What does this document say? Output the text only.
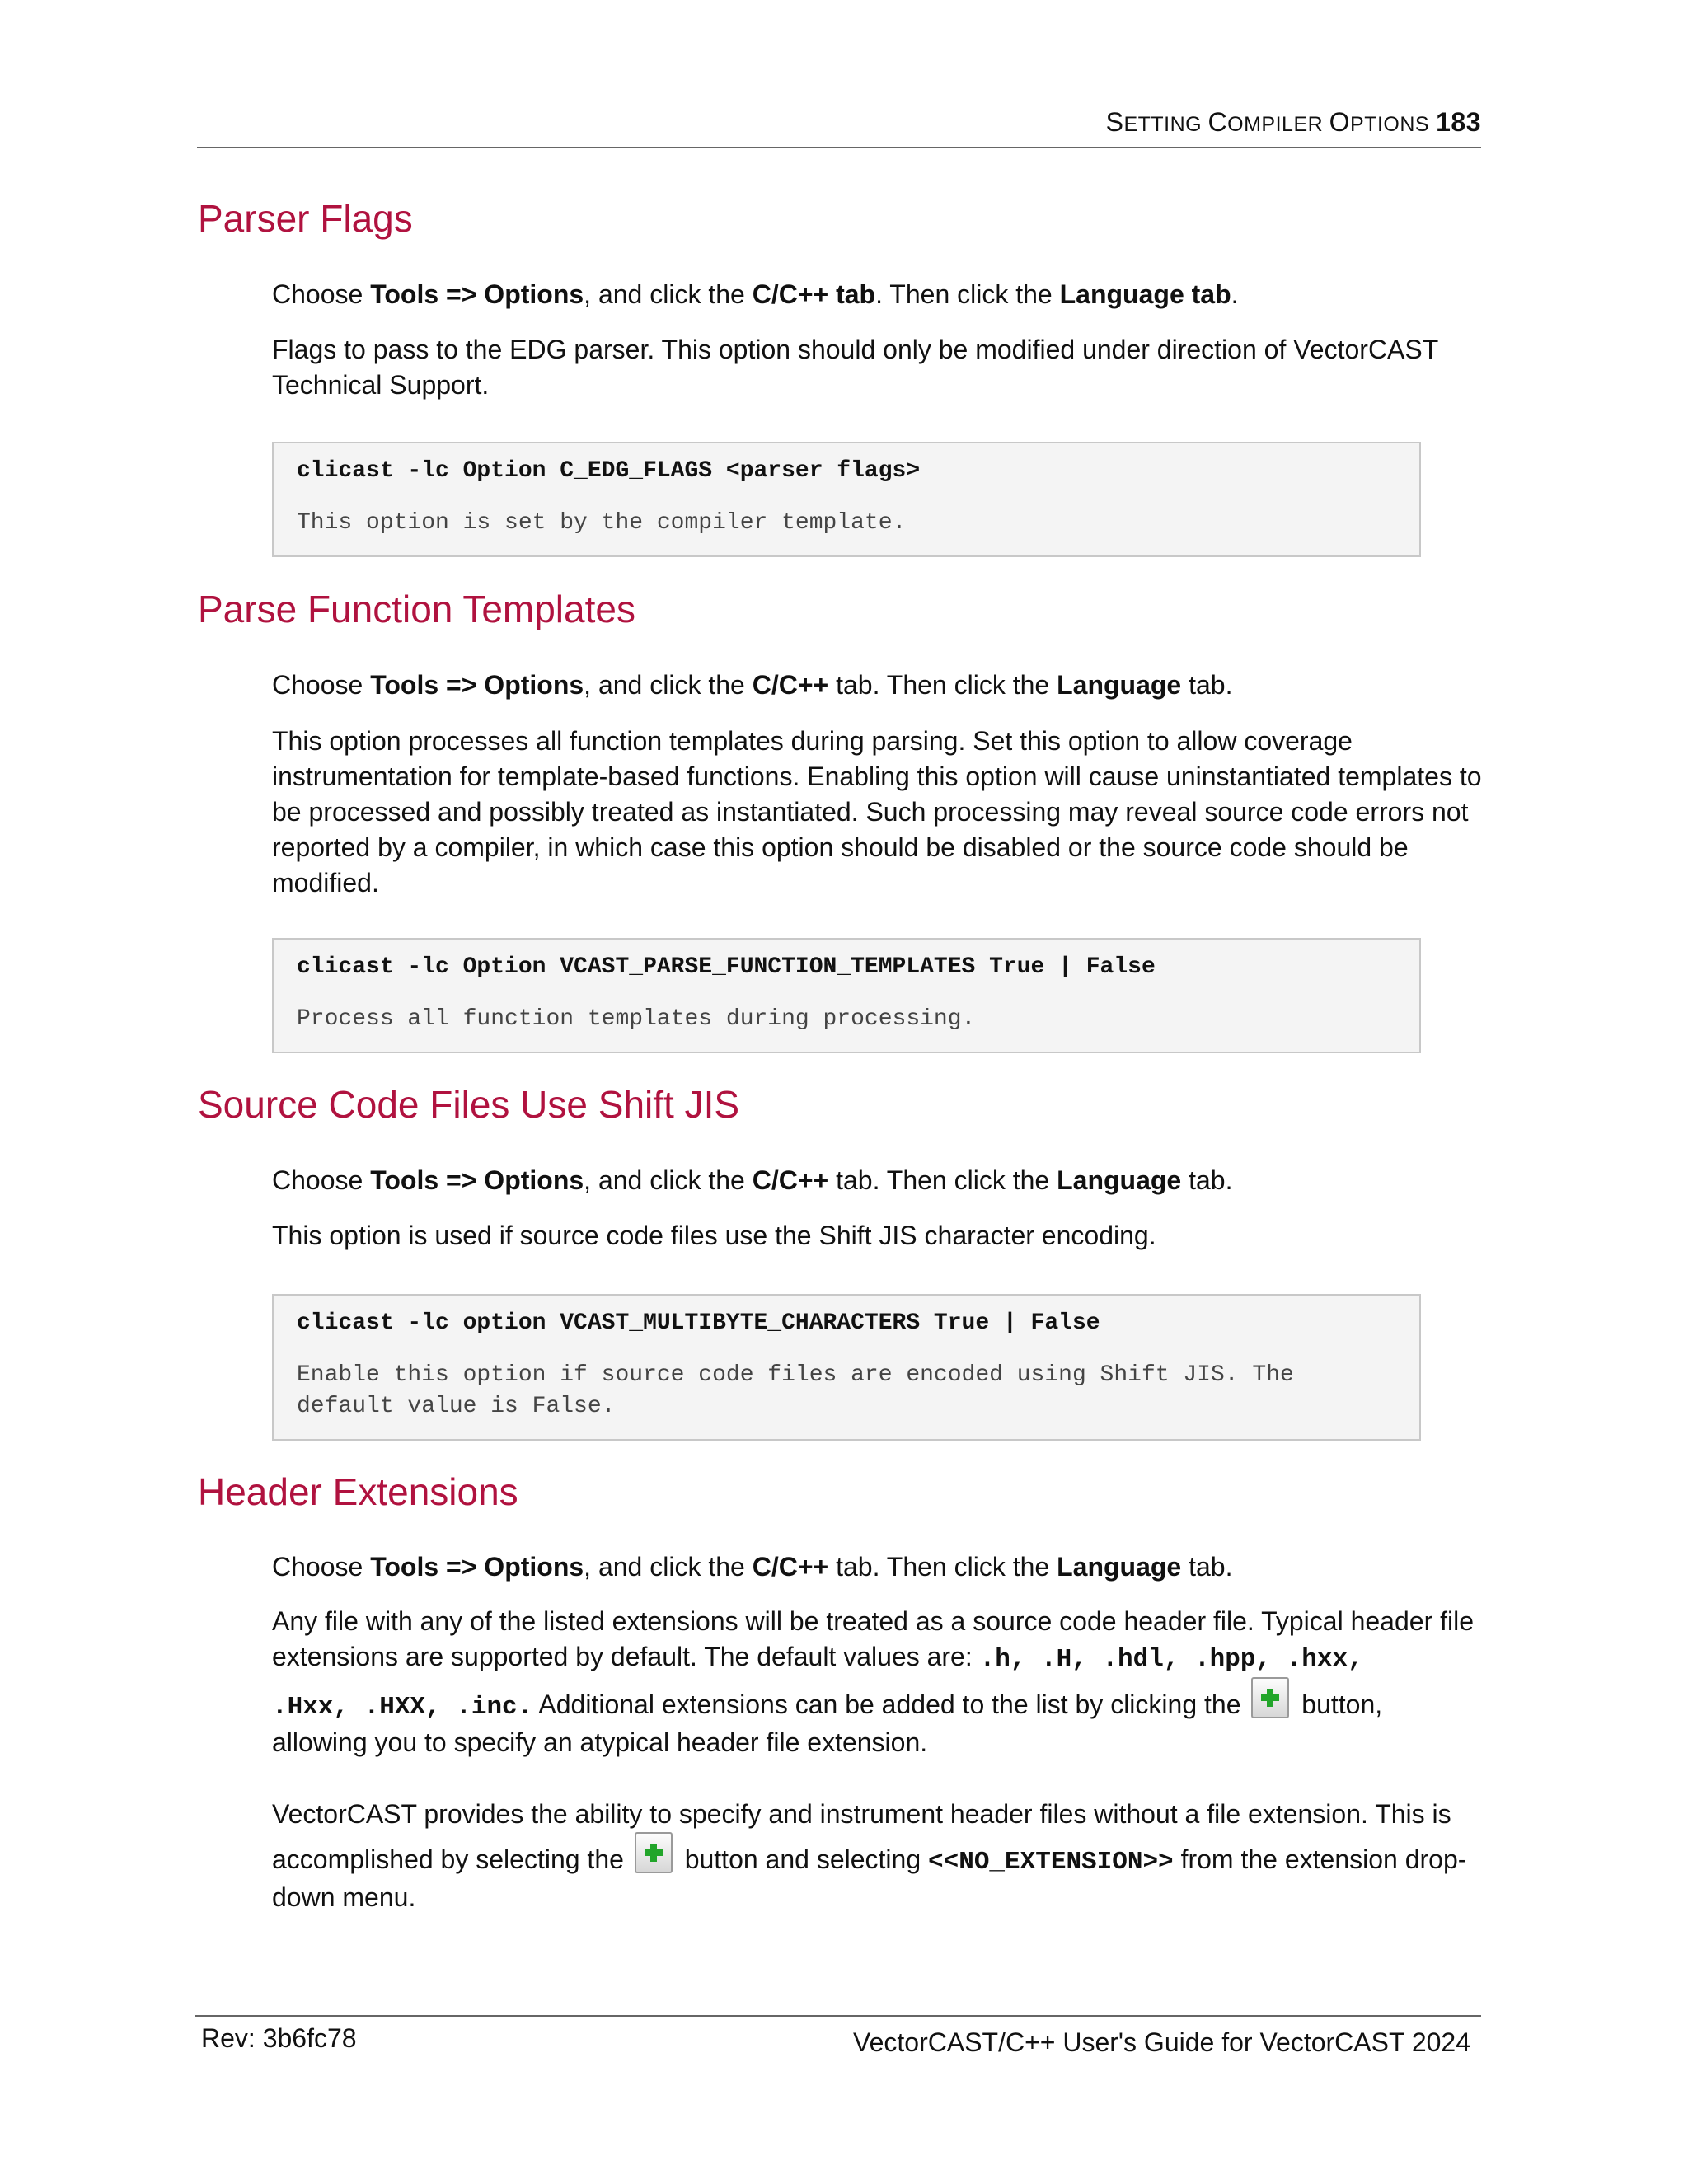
SETTING COMPILER OPTIONS 183
Parser Flags

Choose Tools => Options, and click the C/C++ tab. Then click the Language tab.

Flags to pass to the EDG parser. This option should only be modified under direction of VectorCAST Technical Support.

clicast -lc Option C_EDG_FLAGS <parser flags>
This option is set by the compiler template.
Parse Function Templates

Choose Tools => Options, and click the C/C++ tab. Then click the Language tab.

This option processes all function templates during parsing. Set this option to allow coverage instrumentation for template-based functions. Enabling this option will cause uninstantiated templates to be processed and possibly treated as instantiated. Such processing may reveal source code errors not reported by a compiler, in which case this option should be disabled or the source code should be modified.

clicast -lc Option VCAST_PARSE_FUNCTION_TEMPLATES True | False
Process all function templates during processing.
Source Code Files Use Shift JIS

Choose Tools => Options, and click the C/C++ tab. Then click the Language tab.

This option is used if source code files use the Shift JIS character encoding.

clicast -lc option VCAST_MULTIBYTE_CHARACTERS True | False
Enable this option if source code files are encoded using Shift JIS. The
default value is False.
Header Extensions

Choose Tools => Options, and click the C/C++ tab. Then click the Language tab.

Any file with any of the listed extensions will be treated as a source code header file. Typical header file extensions are supported by default. The default values are: .h, .H, .hdl, .hpp, .hxx,
.Hxx, .HXX, .inc. Additional extensions can be added to the list by clicking the  button, allowing you to specify an atypical header file extension.

VectorCAST provides the ability to specify and instrument header files without a file extension. This is accomplished by selecting the  button and selecting <<NO_EXTENSION>> from the extension drop-down menu.

Rev: 3b6fc78	VectorCAST/C++ User's Guide for VectorCAST 2024
